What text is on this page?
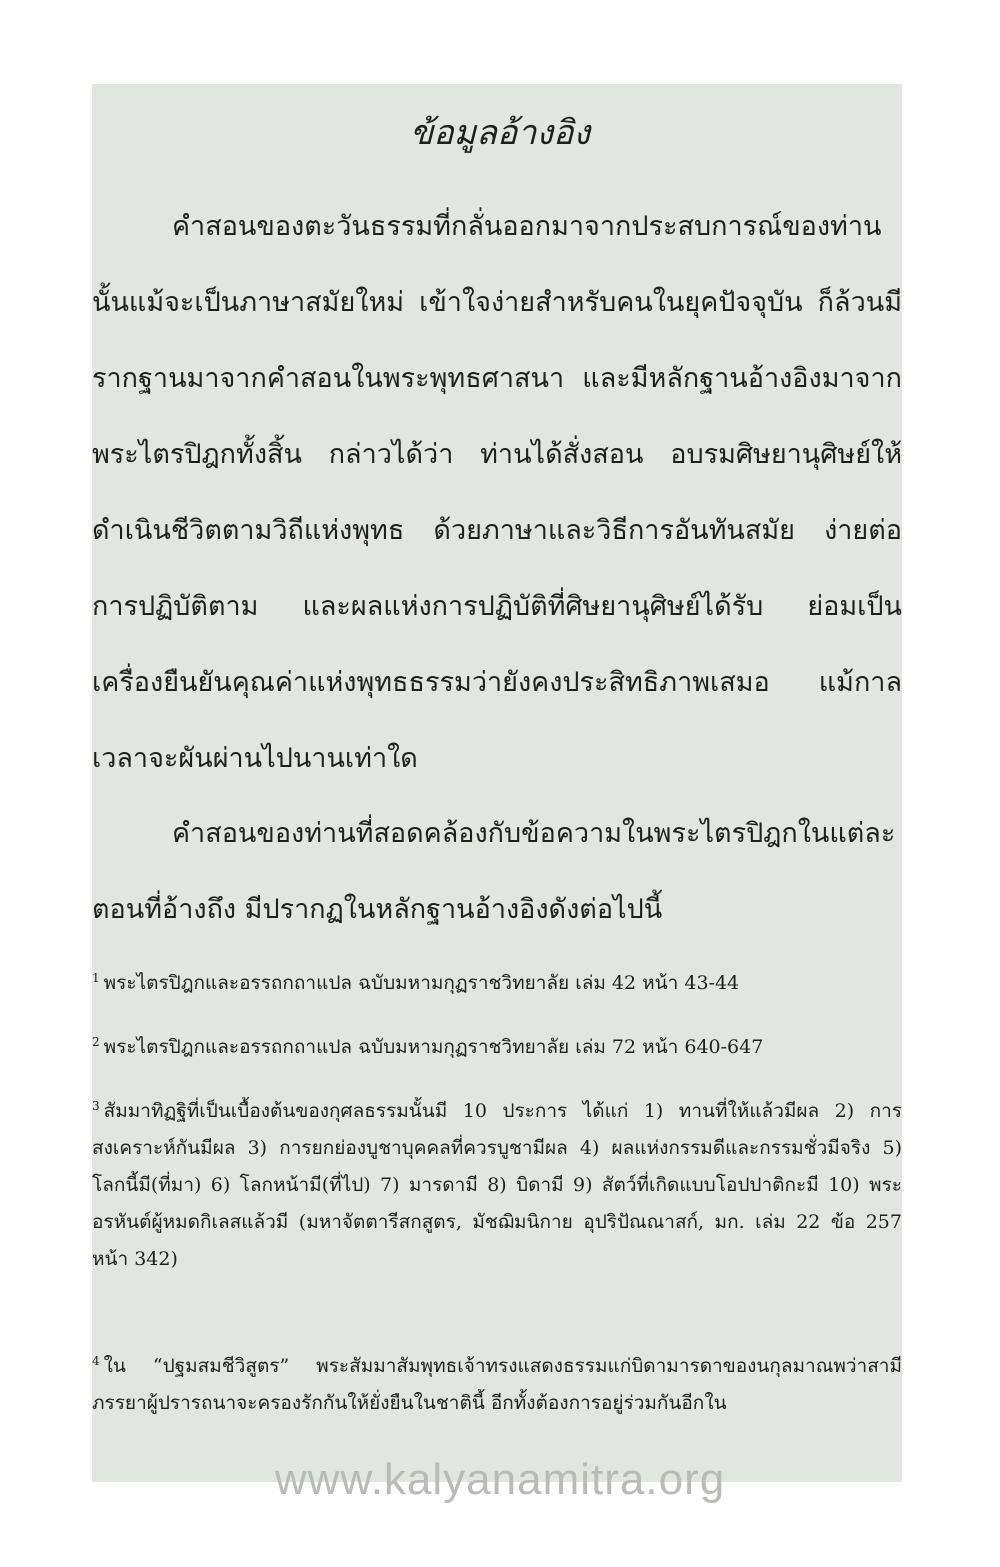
ข้อมูลอ้างอิง

คำสอนของตะวันธรรมที่กลั่นออกมาจากประสบการณ์ของท่านนั้นแม้จะเป็นภาษาสมัยใหม่ เข้าใจง่ายสำหรับคนในยุคปัจจุบัน ก็ล้วนมีรากฐานมาจากคำสอนในพระพุทธศาสนา และมีหลักฐานอ้างอิงมาจากพระไตรปิฎกทั้งสิ้น กล่าวได้ว่า ท่านได้สั่งสอน อบรมศิษยานุศิษย์ให้ดำเนินชีวิตตามวิถีแห่งพุทธ ด้วยภาษาและวิธีการอันทันสมัย ง่ายต่อการปฏิบัติตาม และผลแห่งการปฏิบัติที่ศิษยานุศิษย์ได้รับ ย่อมเป็นเครื่องยืนยันคุณค่าแห่งพุทธธรรมว่ายังคงประสิทธิภาพเสมอ แม้กาลเวลาจะผันผ่านไปนานเท่าใด

คำสอนของท่านที่สอดคล้องกับข้อความในพระไตรปิฎกในแต่ละตอนที่อ้างถึง มีปรากฏในหลักฐานอ้างอิงดังต่อไปนี้

$^1$ พระไตรปิฎกและอรรถกถาแปล ฉบับมหามกุฏราชวิทยาลัย เล่ม 42 หน้า 43-44

$^2$ พระไตรปิฎกและอรรถกถาแปล ฉบับมหามกุฏราชวิทยาลัย เล่ม 72 หน้า 640-647

$^3$ สัมมาทิฏฐิที่เป็นเบื้องต้นของกุศลธรรมนั้นมี 10 ประการ ได้แก่ 1) ทานที่ให้แล้วมีผล 2) การสงเคราะห์กันมีผล 3) การยกย่องบูชาบุคคลที่ควรบูชามีผล 4) ผลแห่งกรรมดีและกรรมชั่วมีจริง 5) โลกนี้มี(ที่มา) 6) โลกหน้ามี(ที่ไป) 7) มารดามี 8) บิดามี 9) สัตว์ที่เกิดแบบโอปปาติกะมี 10) พระอรหันต์ผู้หมดกิเลสแล้วมี (มหาจัตตารีสกสูตร, มัชฌิมนิกาย อุปริปัณณาสก์, มก. เล่ม 22 ข้อ 257 หน้า 342)

$^4$ ใน “ปฐมสมชีวิสูตร” พระสัมมาสัมพุทธเจ้าทรงแสดงธรรมแก่บิดามารดาของนกุลมาณพว่าสามีภรรยาผู้ปรารถนาจะครองรักกันให้ยั่งยืนในชาตินี้ อีกทั้งต้องการอยู่ร่วมกันอีกใน

www.kalyanamitra.org
